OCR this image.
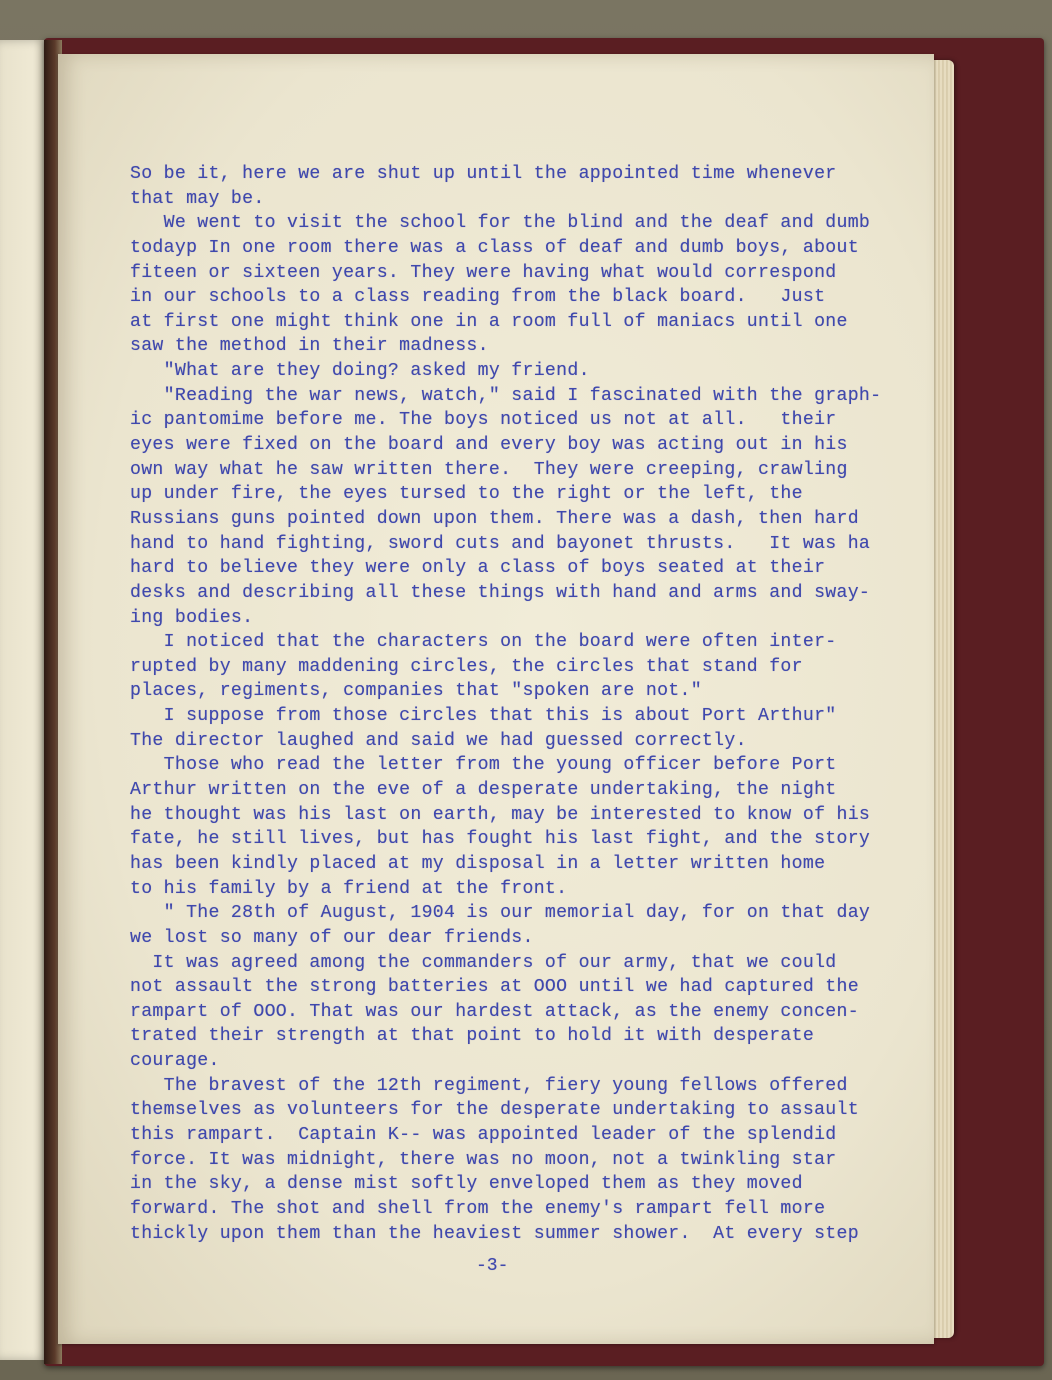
So be it, here we are shut up until the appointed time whenever
that may be.
We went to visit the school for the blind and the deaf and dumb
todayp In one room there was a class of deaf and dumb boys, about
fiteen or sixteen years. They were having what would correspond
in our schools to a class reading from the black board.   Just
at first one might think one in a room full of maniacs until one
saw the method in their madness.
"What are they doing? asked my friend.
"Reading the war news, watch," said I fascinated with the graph-
ic pantomime before me. The boys noticed us not at all.   their
eyes were fixed on the board and every boy was acting out in his
own way what he saw written there.  They were creeping, crawling
up under fire, the eyes tursed to the right or the left, the
Russians guns pointed down upon them. There was a dash, then hard
hand to hand fighting, sword cuts and bayonet thrusts.   It was ha
hard to believe they were only a class of boys seated at their
desks and describing all these things with hand and arms and sway-
ing bodies.
I noticed that the characters on the board were often inter-
rupted by many maddening circles, the circles that stand for
places, regiments, companies that "spoken are not."
I suppose from those circles that this is about Port Arthur"
The director laughed and said we had guessed correctly.
Those who read the letter from the young officer before Port
Arthur written on the eve of a desperate undertaking, the night
he thought was his last on earth, may be interested to know of his
fate, he still lives, but has fought his last fight, and the story
has been kindly placed at my disposal in a letter written home
to his family by a friend at the front.
" The 28th of August, 1904 is our memorial day, for on that day
we lost so many of our dear friends.
It was agreed among the commanders of our army, that we could
not assault the strong batteries at OOO until we had captured the
rampart of OOO. That was our hardest attack, as the enemy concen-
trated their strength at that point to hold it with desperate
courage.
The bravest of the 12th regiment, fiery young fellows offered
themselves as volunteers for the desperate undertaking to assault
this rampart.  Captain K-- was appointed leader of the splendid
force. It was midnight, there was no moon, not a twinkling star
in the sky, a dense mist softly enveloped them as they moved
forward. The shot and shell from the enemy's rampart fell more
thickly upon them than the heaviest summer shower.  At every step
-3-
